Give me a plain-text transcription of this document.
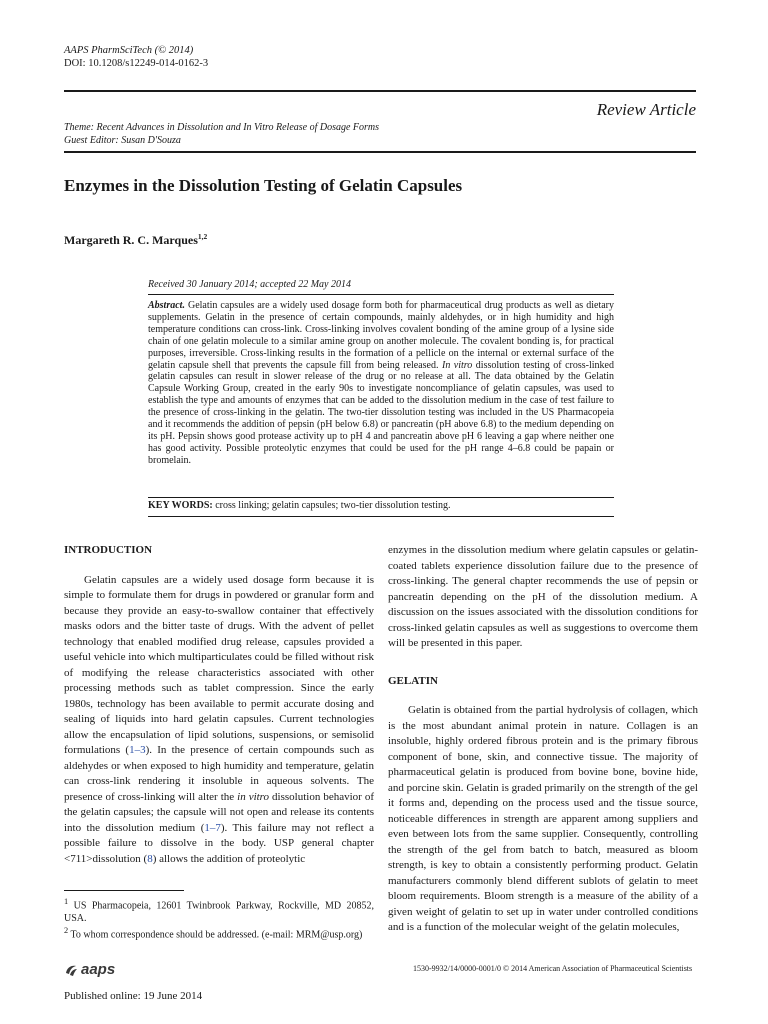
AAPS PharmSciTech (© 2014)
DOI: 10.1208/s12249-014-0162-3
Review Article
Theme: Recent Advances in Dissolution and In Vitro Release of Dosage Forms
Guest Editor: Susan D'Souza
Enzymes in the Dissolution Testing of Gelatin Capsules
Margareth R. C. Marques$^{1,2}$
Received 30 January 2014; accepted 22 May 2014
Abstract. Gelatin capsules are a widely used dosage form both for pharmaceutical drug products as well as dietary supplements. Gelatin in the presence of certain compounds, mainly aldehydes, or in high humidity and high temperature conditions can cross-link. Cross-linking involves covalent bonding of the amine group of a lysine side chain of one gelatin molecule to a similar amine group on another molecule. The covalent bonding is, for practical purposes, irreversible. Cross-linking results in the formation of a pellicle on the internal or external surface of the gelatin capsule shell that prevents the capsule fill from being released. In vitro dissolution testing of cross-linked gelatin capsules can result in slower release of the drug or no release at all. The data obtained by the Gelatin Capsule Working Group, created in the early 90s to investigate noncompliance of gelatin capsules, was used to establish the type and amounts of enzymes that can be added to the dissolution medium in the case of test failure to the presence of cross-linking in the gelatin. The two-tier dissolution testing was included in the US Pharmacopeia and it recommends the addition of pepsin (pH below 6.8) or pancreatin (pH above 6.8) to the medium depending on its pH. Pepsin shows good protease activity up to pH 4 and pancreatin above pH 6 leaving a gap where neither one has good activity. Possible proteolytic enzymes that could be used for the pH range 4–6.8 could be papain or bromelain.
KEY WORDS: cross linking; gelatin capsules; two-tier dissolution testing.
INTRODUCTION

Gelatin capsules are a widely used dosage form because it is simple to formulate them for drugs in powdered or granular form and because they provide an easy-to-swallow container that effectively masks odors and the bitter taste of drugs. With the advent of pellet technology that enabled modified drug release, capsules provided a useful vehicle into which multiparticulates could be filled without risk of modifying the release characteristics associated with other processing methods such as tablet compression. Since the early 1980s, technology has been available to permit accurate dosing and sealing of liquids into hard gelatin capsules. Current technologies allow the encapsulation of lipid solutions, suspensions, or semisolid formulations (1–3). In the presence of certain compounds such as aldehydes or when exposed to high humidity and temperature, gelatin can cross-link rendering it insoluble in aqueous solvents. The presence of cross-linking will alter the in vitro dissolution behavior of the gelatin capsules; the capsule will not open and release its contents into the dissolution medium (1–7). This failure may not reflect a possible failure to dissolve in the body. USP general chapter <711>dissolution (8) allows the addition of proteolytic

enzymes in the dissolution medium where gelatin capsules or gelatin-coated tablets experience dissolution failure due to the presence of cross-linking. The general chapter recommends the use of pepsin or pancreatin depending on the pH of the dissolution medium. A discussion on the issues associated with the dissolution conditions for cross-linked gelatin capsules as well as suggestions to overcome them will be presented in this paper.

GELATIN

Gelatin is obtained from the partial hydrolysis of collagen, which is the most abundant animal protein in nature. Collagen is an insoluble, highly ordered fibrous protein and is the primary fibrous component of bone, skin, and connective tissue. The majority of pharmaceutical gelatin is produced from bovine bone, bovine hide, and porcine skin. Gelatin is graded primarily on the strength of the gel it forms and, depending on the process used and the tissue source, noticeable differences in strength are apparent among suppliers and even between lots from the same supplier. Consequently, controlling the strength of the gel from batch to batch, measured as bloom strength, is key to obtain a consistently performing product. Gelatin manufacturers commonly blend different sublots of gelatin to meet bloom requirements. Bloom strength is a measure of the ability of a given weight of gelatin to set up in water under controlled conditions and is a function of the molecular weight of the gelatin molecules,

$^1$ US Pharmacopeia, 12601 Twinbrook Parkway, Rockville, MD 20852, USA.
$^2$ To whom correspondence should be addressed. (e-mail: MRM@usp.org)
aaps	1530-9932/14/0000-0001/0 © 2014 American Association of Pharmaceutical Scientists
Published online: 19 June 2014
